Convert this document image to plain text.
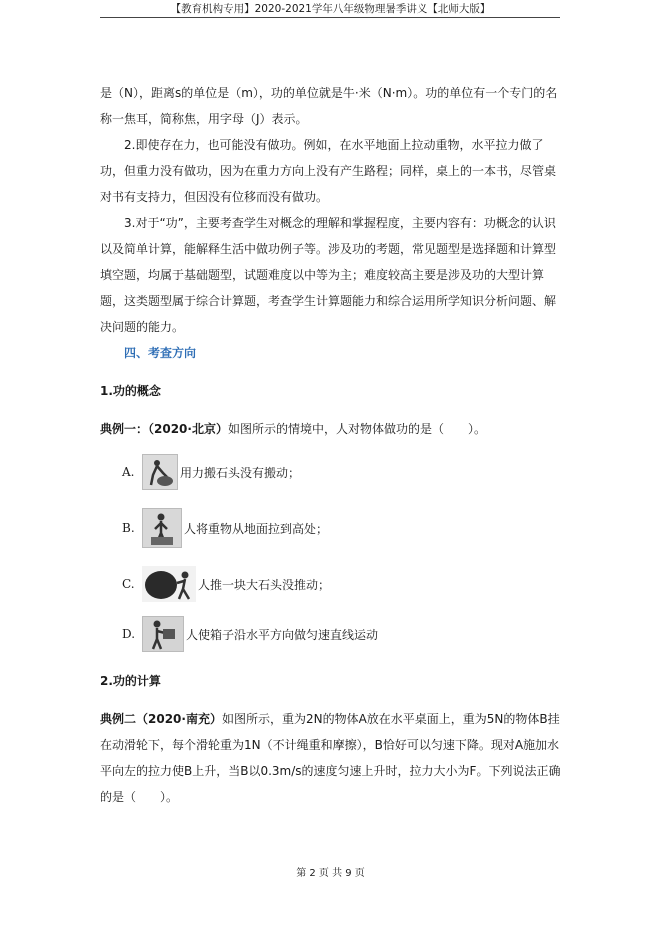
【教育机构专用】2020-2021学年八年级物理暑季讲义【北师大版】

是（N），距离s的单位是（m），功的单位就是牛·米（N·m）。功的单位有一个专门的名称一焦耳，简称焦，用字母（J）表示。

2.即使存在力，也可能没有做功。例如，在水平地面上拉动重物，水平拉力做了功，但重力没有做功，因为在重力方向上没有产生路程；同样，桌上的一本书，尽管桌对书有支持力，但因没有位移而没有做功。

3.对于“功”，主要考查学生对概念的理解和掌握程度，主要内容有：功概念的认识以及简单计算，能解释生活中做功例子等。涉及功的考题，常见题型是选择题和计算型填空题，均属于基础题型，试题难度以中等为主；难度较高主要是涉及功的大型计算题，这类题型属于综合计算题，考查学生计算题能力和综合运用所学知识分析问题、解决问题的能力。

四、考查方向

1.功的概念

典例一：（2020·北京）如图所示的情境中，人对物体做功的是（　　）。

A.	用力搬石头没有搬动；
B.	人将重物从地面拉到高处；
C.	人推一块大石头没推动；
D.	人使箱子沿水平方向做匀速直线运动

2.功的计算

典例二（2020·南充）如图所示，重为2N的物体A放在水平桌面上，重为5N的物体B挂在动滑轮下，每个滑轮重为1N（不计绳重和摩擦），B恰好可以匀速下降。现对A施加水平向左的拉力使B上升，当B以0.3m/s的速度匀速上升时，拉力大小为F。下列说法正确的是（　　）。

第 2 页 共 9 页
